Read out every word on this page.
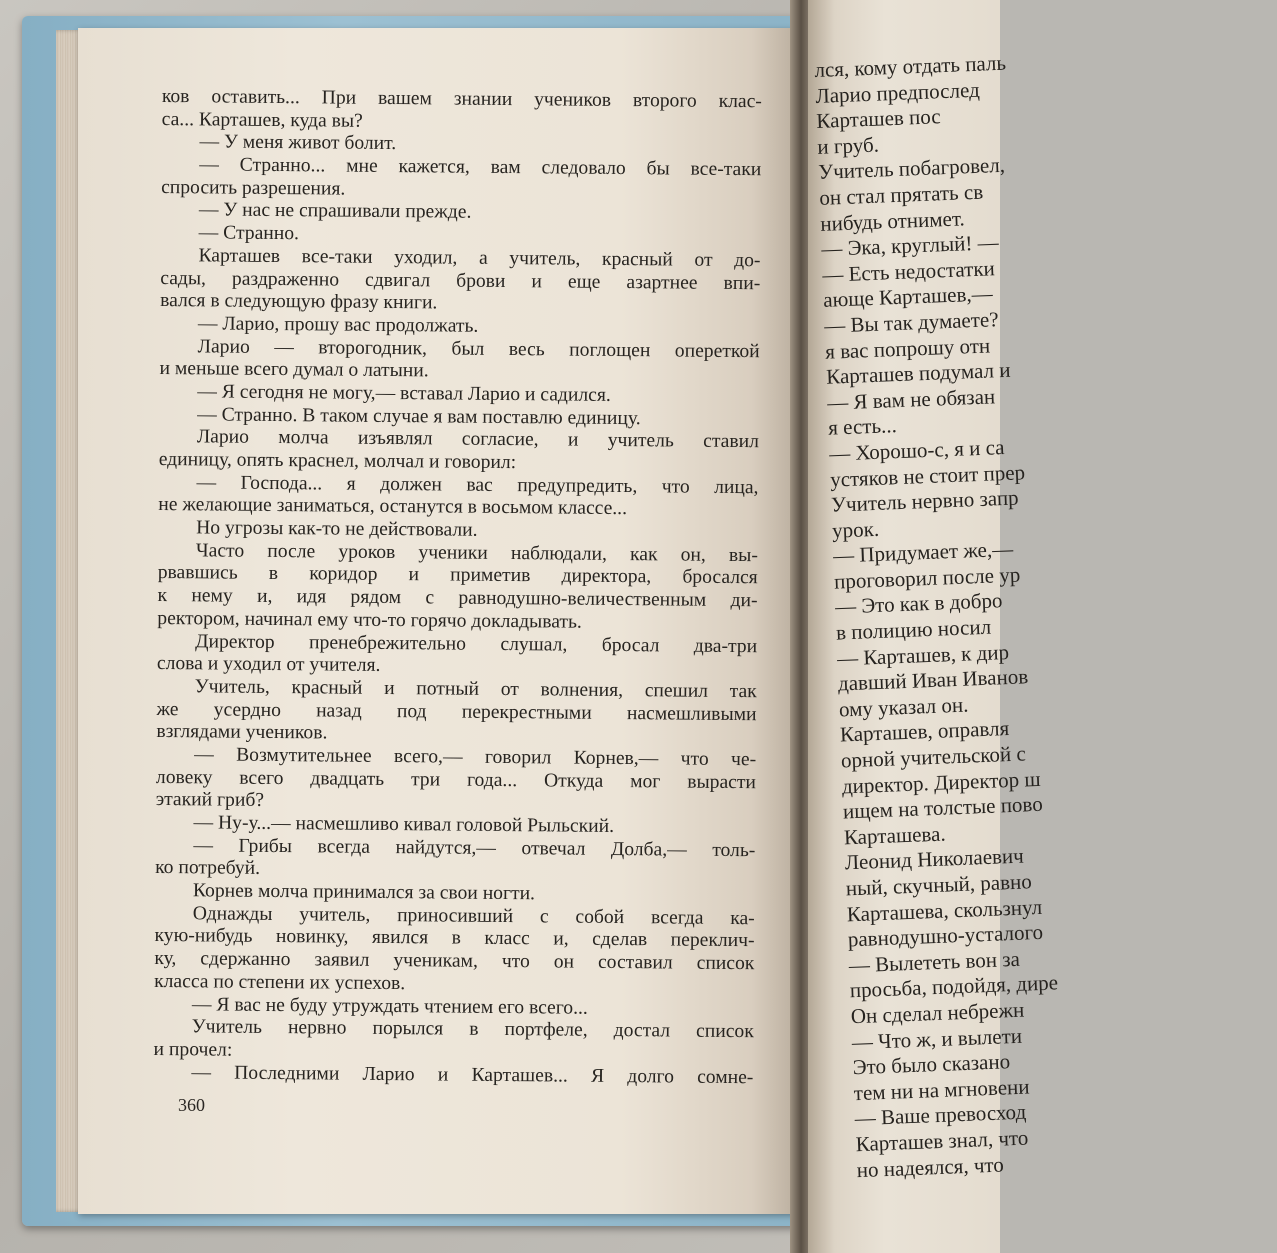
ков оставить... При вашем знании учеников второго клас-
са... Карташев, куда вы?
— У меня живот болит.
— Странно... мне кажется, вам следовало бы все-таки
спросить разрешения.
— У нас не спрашивали прежде.
— Странно.
Карташев все-таки уходил, а учитель, красный от до-
сады, раздраженно сдвигал брови и еще азартнее впи-
вался в следующую фразу книги.
— Ларио, прошу вас продолжать.
Ларио — второгодник, был весь поглощен опереткой
и меньше всего думал о латыни.
— Я сегодня не могу,— вставал Ларио и садился.
— Странно. В таком случае я вам поставлю единицу.
Ларио молча изъявлял согласие, и учитель ставил
единицу, опять краснел, молчал и говорил:
— Господа... я должен вас предупредить, что лица,
не желающие заниматься, останутся в восьмом классе...
Но угрозы как-то не действовали.
Часто после уроков ученики наблюдали, как он, вы-
рвавшись в коридор и приметив директора, бросался
к нему и, идя рядом с равнодушно-величественным ди-
ректором, начинал ему что-то горячо докладывать.
Директор пренебрежительно слушал, бросал два-три
слова и уходил от учителя.
Учитель, красный и потный от волнения, спешил так
же усердно назад под перекрестными насмешливыми
взглядами учеников.
— Возмутительнее всего,— говорил Корнев,— что че-
ловеку всего двадцать три года... Откуда мог вырасти
этакий гриб?
— Ну-у...— насмешливо кивал головой Рыльский.
— Грибы всегда найдутся,— отвечал Долба,— толь-
ко потребуй.
Корнев молча принимался за свои ногти.
Однажды учитель, приносивший с собой всегда ка-
кую-нибудь новинку, явился в класс и, сделав переклич-
ку, сдержанно заявил ученикам, что он составил список
класса по степени их успехов.
— Я вас не буду утруждать чтением его всего...
Учитель нервно порылся в портфеле, достал список
и прочел:
— Последними Ларио и Карташев... Я долго сомне-
360
лся, кому отдать паль
Ларио предпослед
Карташев пос
и груб.
Учитель побагровел,
он стал прятать св
нибудь отнимет.
— Эка, круглый! —
— Есть недостатки
ающе Карташев,—
— Вы так думаете?
я вас попрошу отн
Карташев подумал и
— Я вам не обязан
я есть...
— Хорошо-с, я и са
устяков не стоит прер
Учитель нервно запр
урок.
— Придумает же,—
проговорил после ур
— Это как в добро
в полицию носил
— Карташев, к дир
давший Иван Иванов
ому указал он.
Карташев, оправля
орной учительской с
директор. Директор ш
ищем на толстые пово
Карташева.
Леонид Николаевич
ный, скучный, равно
Карташева, скользнул
равнодушно-усталого
— Вылететь вон за
просьба, подойдя, дире
Он сделал небрежн
— Что ж, и вылети
Это было сказано
тем ни на мгновени
— Ваше превосход
Карташев знал, что
но надеялся, что
